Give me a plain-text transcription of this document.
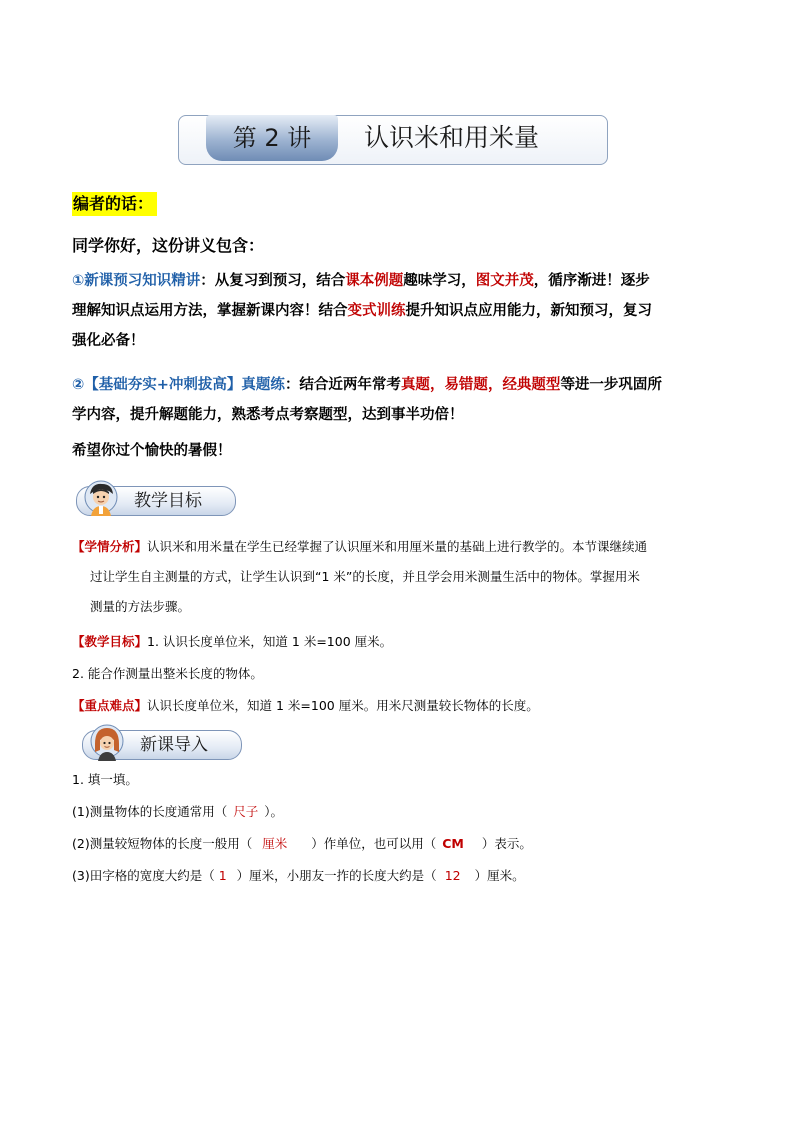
第 2 讲	认识米和用米量
编者的话：
同学你好，这份讲义包含：
①新课预习知识精讲：从复习到预习，结合课本例题趣味学习，图文并茂，循序渐进！逐步
理解知识点运用方法，掌握新课内容！结合变式训练提升知识点应用能力，新知预习，复习
强化必备！
②【基础夯实+冲刺拔高】真题练：结合近两年常考真题，易错题，经典题型等进一步巩固所
学内容，提升解题能力，熟悉考点考察题型，达到事半功倍！
希望你过个愉快的暑假！
教学目标
【学情分析】认识米和用米量在学生已经掌握了认识厘米和用厘米量的基础上进行教学的。本节课继续通
过让学生自主测量的方式，让学生认识到“1 米”的长度，并且学会用米测量生活中的物体。掌握用米
测量的方法步骤。
【教学目标】1. 认识长度单位米，知道 1 米=100 厘米。
2. 能合作测量出整米长度的物体。
【重点难点】认识长度单位米，知道 1 米=100 厘米。用米尺测量较长物体的长度。
新课导入
1. 填一填。
(1)测量物体的长度通常用（ 尺子 ）。
(2)测量较短物体的长度一般用（ 厘米 ）作单位，也可以用（ CM ）表示。
(3)田字格的宽度大约是（ 1 ）厘米，小朋友一拃的长度大约是（ 12 ）厘米。
